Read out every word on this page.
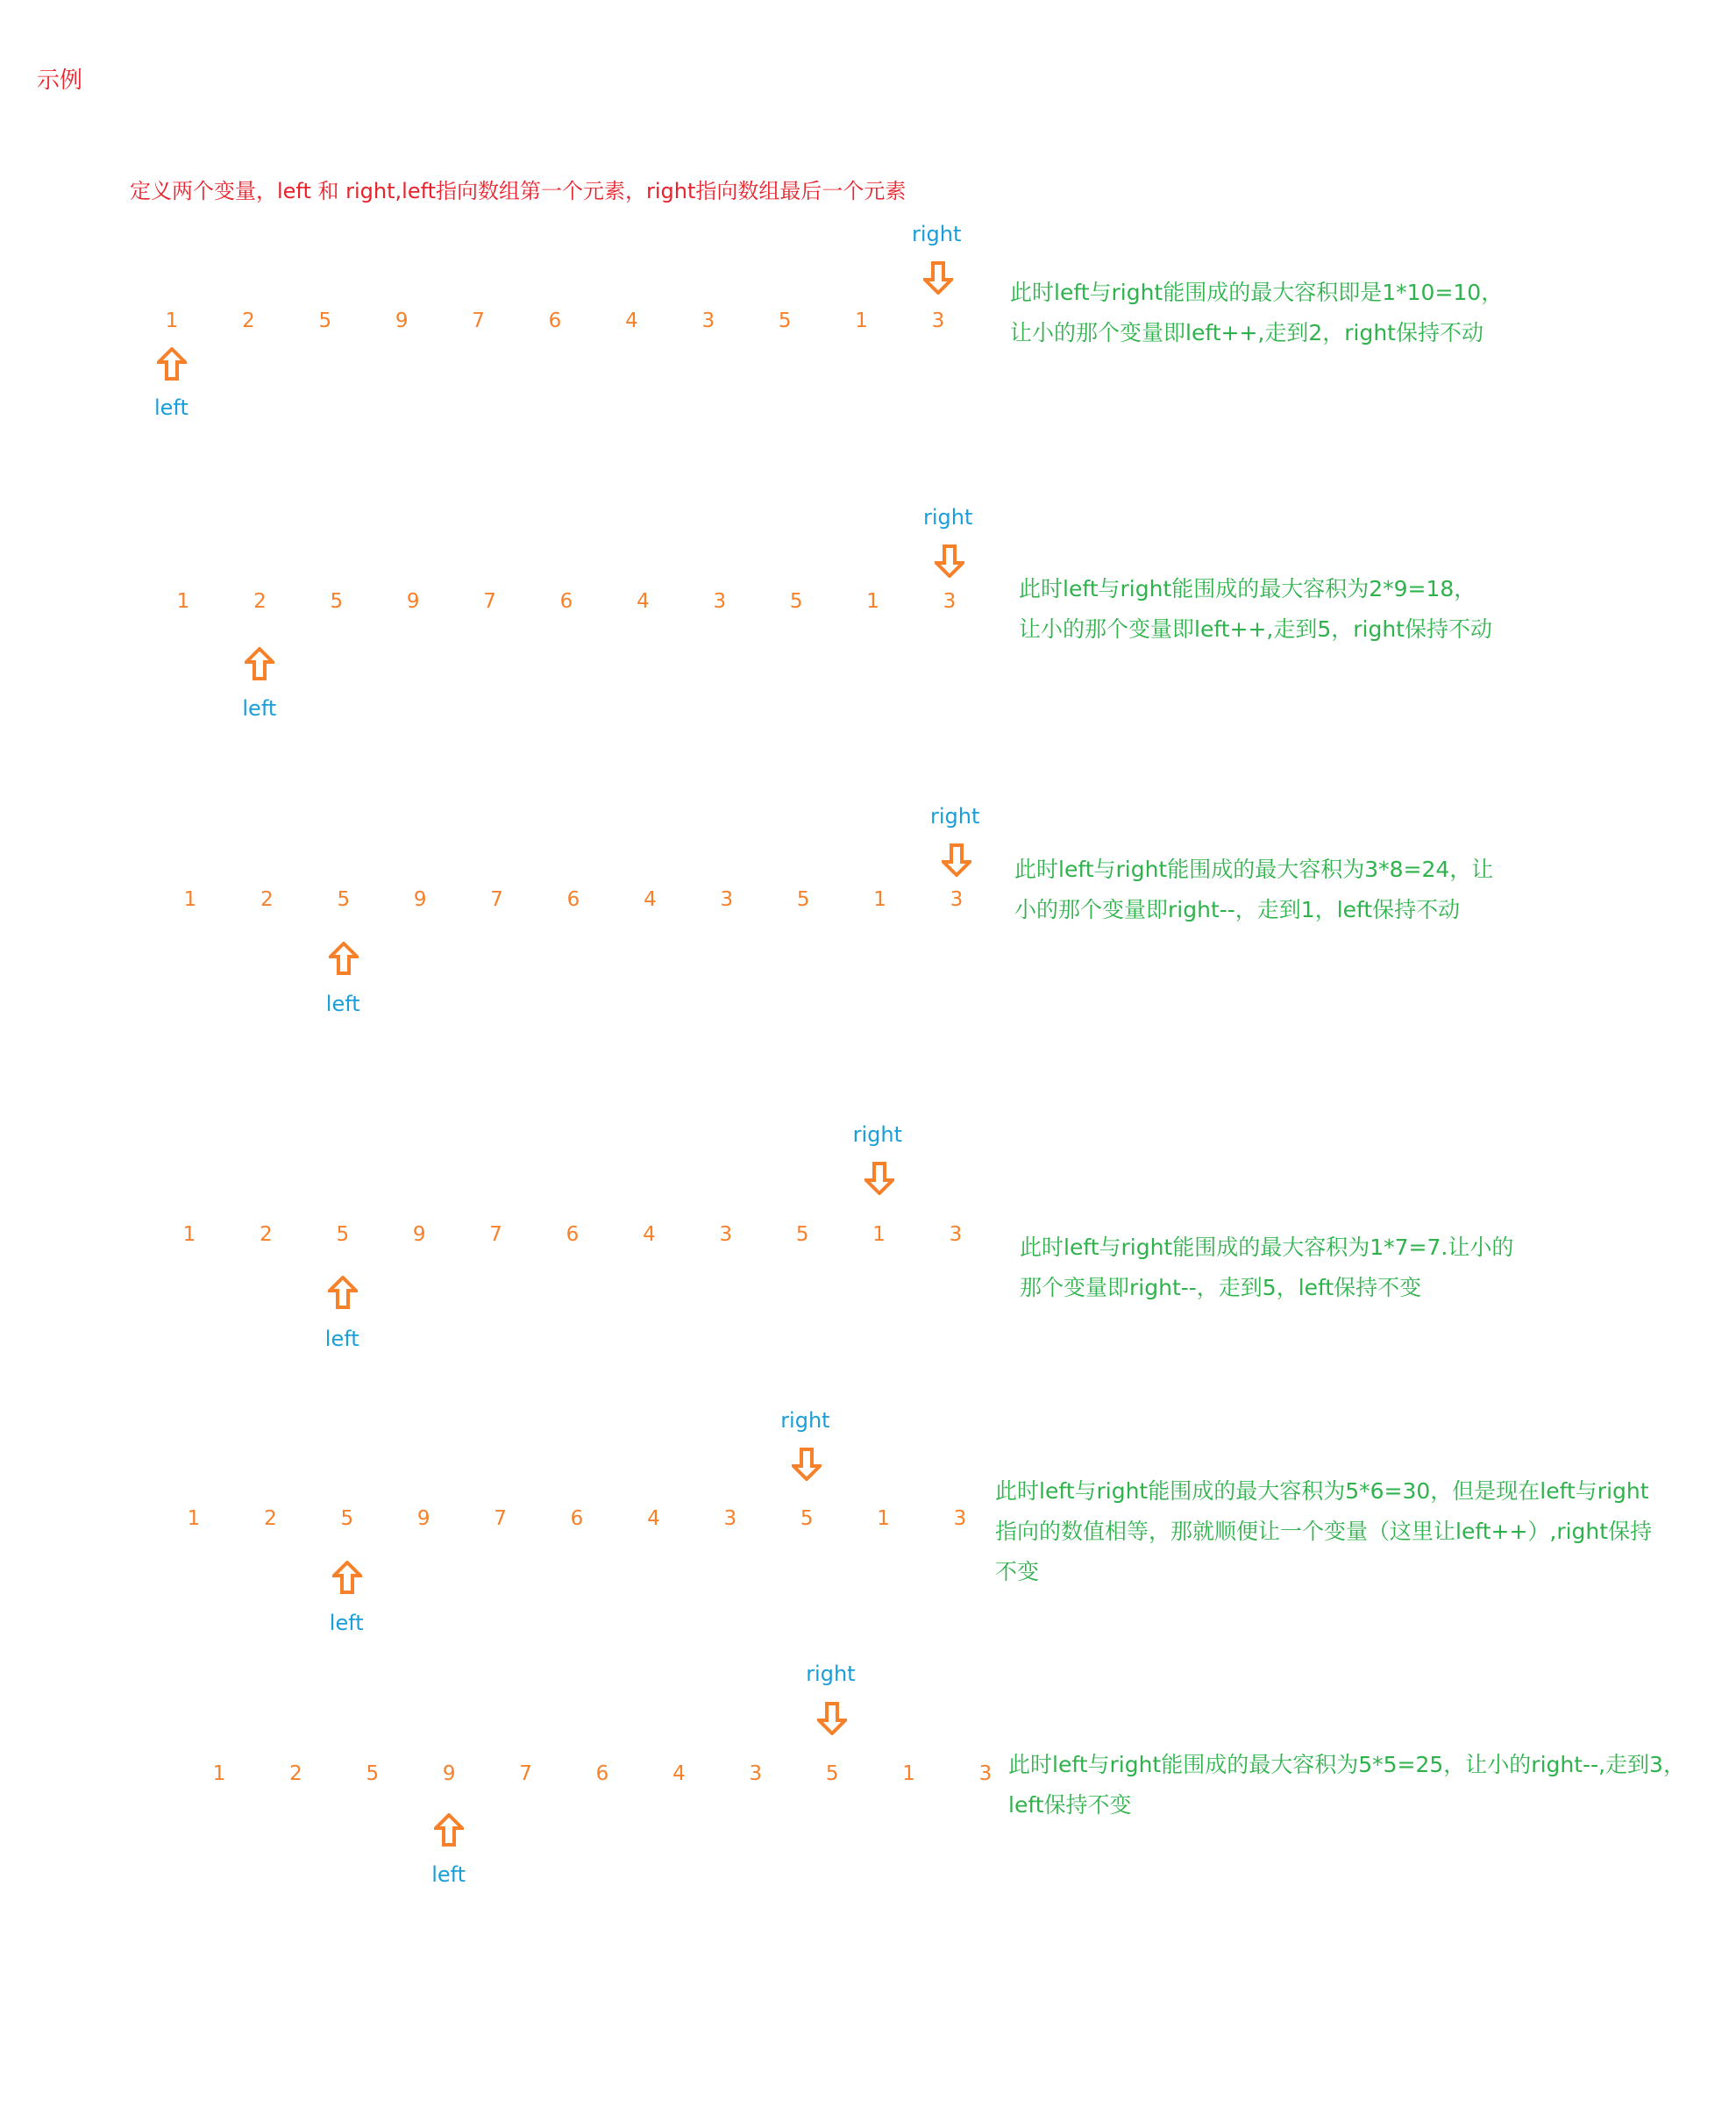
示例
定义两个变量，left 和 right,left指向数组第一个元素，right指向数组最后一个元素
1	2	5	9	7	6	4	3	5	1	3
right
left
此时left与right能围成的最大容积即是1*10=10，
让小的那个变量即left++,走到2，right保持不动
1	2	5	9	7	6	4	3	5	1	3
right
left
此时left与right能围成的最大容积为2*9=18，
让小的那个变量即left++,走到5，right保持不动
1	2	5	9	7	6	4	3	5	1	3
right
left
此时left与right能围成的最大容积为3*8=24，让
小的那个变量即right--，走到1，left保持不动
1	2	5	9	7	6	4	3	5	1	3
right
left
此时left与right能围成的最大容积为1*7=7.让小的
那个变量即right--，走到5，left保持不变
1	2	5	9	7	6	4	3	5	1	3
right
left
此时left与right能围成的最大容积为5*6=30，但是现在left与right
指向的数值相等，那就顺便让一个变量（这里让left++）,right保持
不变
1	2	5	9	7	6	4	3	5	1	3
right
left
此时left与right能围成的最大容积为5*5=25，让小的right--,走到3，
left保持不变
